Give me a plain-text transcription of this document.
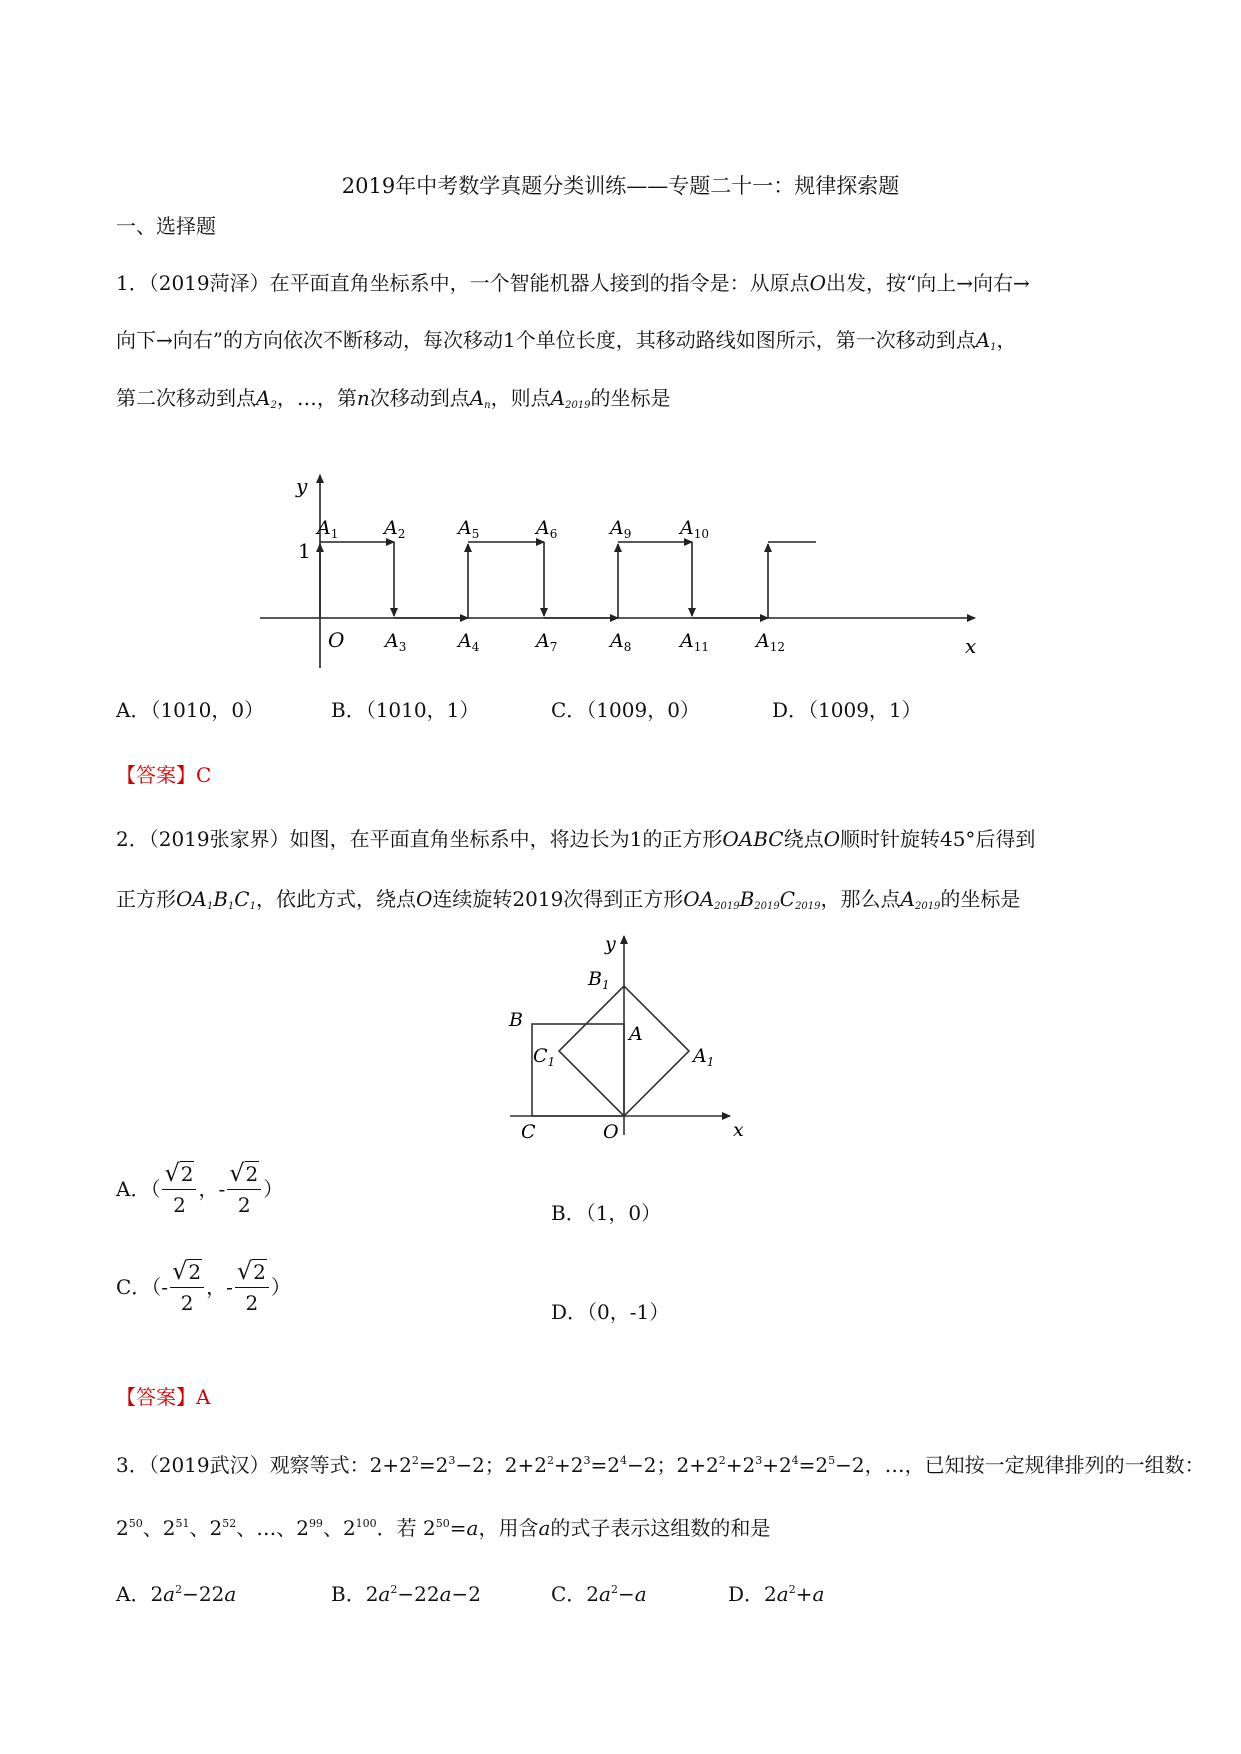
2019年中考数学真题分类训练——专题二十一：规律探索题
一、选择题
1．（2019菏泽）在平面直角坐标系中，一个智能机器人接到的指令是：从原点O出发，按“向上→向右→
向下→向右”的方向依次不断移动，每次移动1个单位长度，其移动路线如图所示，第一次移动到点$A_1$，
第二次移动到点$A_2$，…，第n次移动到点$A_n$，则点$A_{2019}$的坐标是
y
x
1
O
$A_1$ $A_2$	$A_5$	$A_6$	$A_9$	$A_{10}$
$A_3$	$A_4$	$A_7$	$A_8$	$A_{11}$ $A_{12}$
A．（1010，0）	B．（1010，1）	C．（1009，0）	D．（1009，1）
【答案】C
2．（2019张家界）如图，在平面直角坐标系中，将边长为1的正方形OABC绕点O顺时针旋转45°后得到
正方形$OA_1B_1C_1$，依此方式，绕点O连续旋转2019次得到正方形$OA_{2019}B_{2019}C_{2019}$，那么点$A_{2019}$的坐标是
y
x
$B_1$
A
$A_1$
B
$C_1$
C	O
A．（ $\frac{√2}{2}$ ，- $\frac{√2}{2}$ ）
B．（1，0）
C．（- $\frac{√2}{2}$ ，- $\frac{√2}{2}$ ）
D．（0，-1）
【答案】A
3．（2019武汉）观察等式：$2+2^2=2^3-2$；$2+2^2+2^3=2^4-2$；$2+2^2+2^3+2^4=2^5-2$，…，已知按一定规律排列的一组数：
$2^{50}$、$2^{51}$、$2^{52}$、…、$2^{99}$、$2^{100}$．若 $2^{50}=a$，用含a的式子表示这组数的和是
A．$2a^2-22a$	B．$2a^2-22a-2$	C．$2a^2-a$	D．$2a^2+a$
